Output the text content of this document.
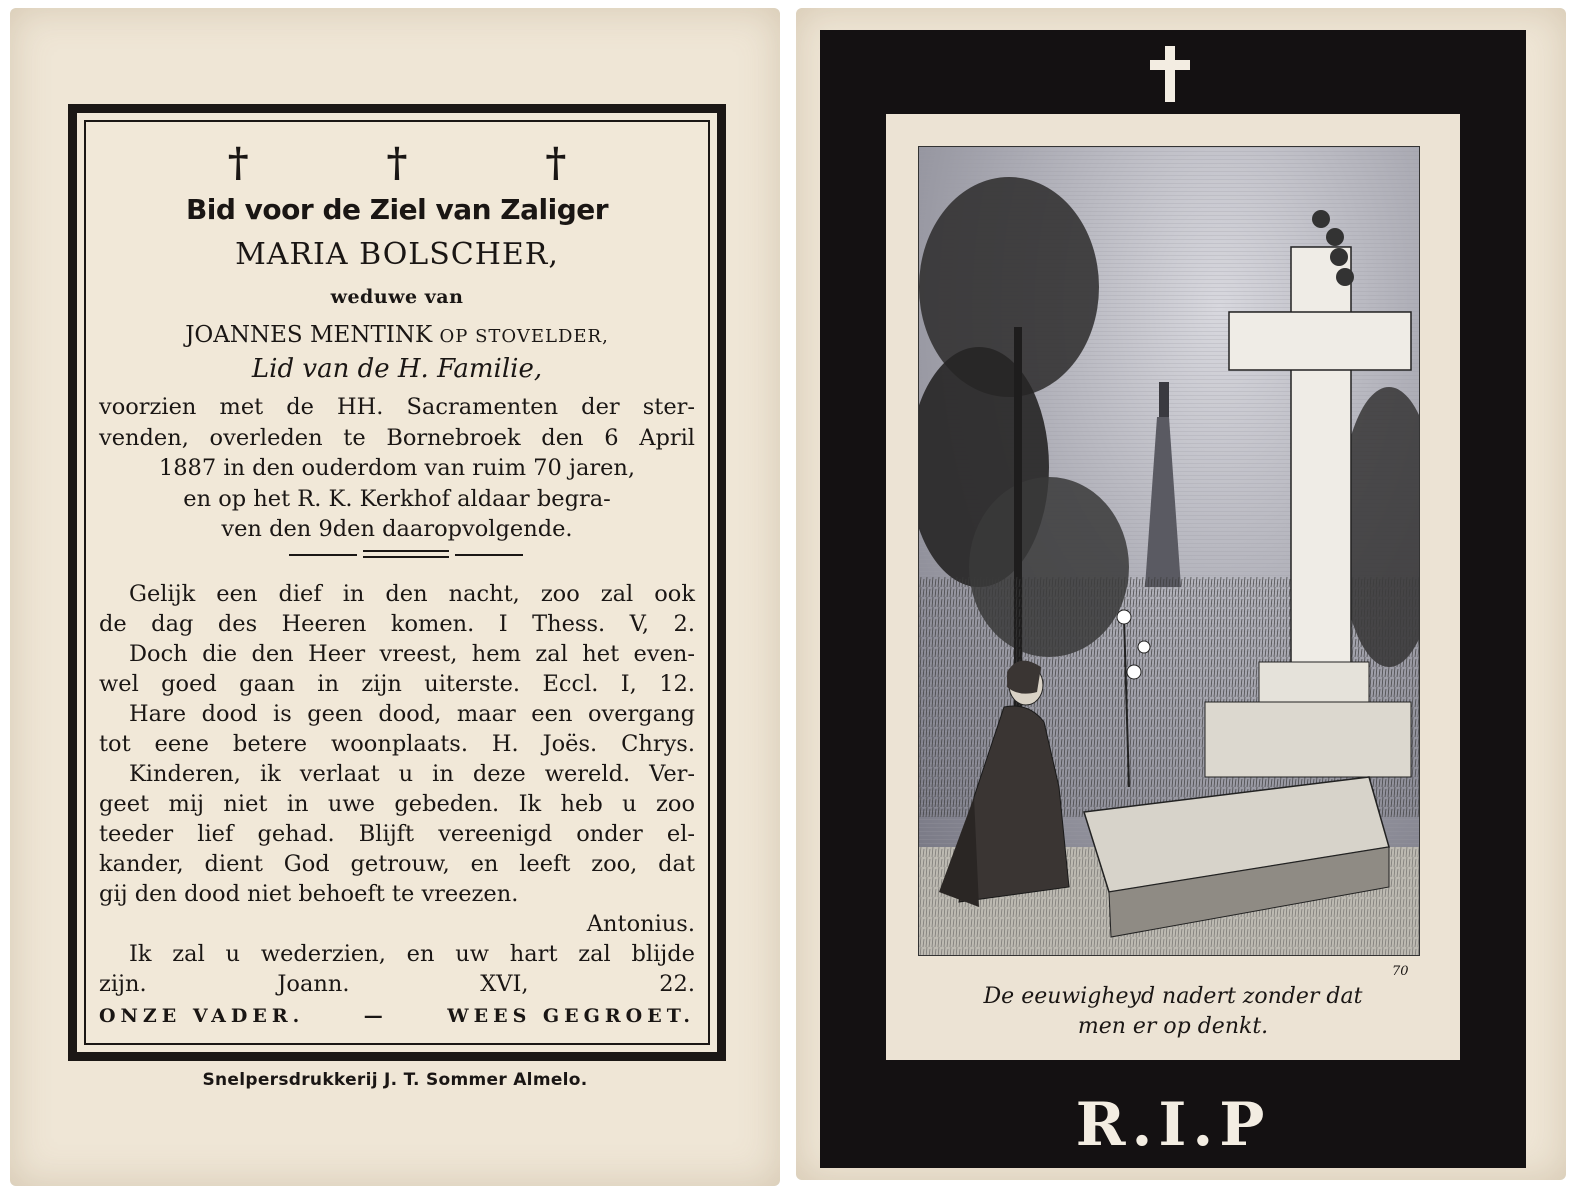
† † †
Bid voor de Ziel van Zaliger
MARIA BOLSCHER,
weduwe van
JOANNES MENTINK OP STOVELDER,
Lid van de H. Familie,
voorzien met de HH. Sacramenten der ster-
venden, overleden te Bornebroek den 6 April
1887 in den ouderdom van ruim 70 jaren,
en op het R. K. Kerkhof aldaar begra-
ven den 9den daaropvolgende.
Gelijk een dief in den nacht, zoo zal ook
de dag des Heeren komen. I Thess. V, 2.
Doch die den Heer vreest, hem zal het even-
wel goed gaan in zijn uiterste. Eccl. I, 12.
Hare dood is geen dood, maar een overgang
tot eene betere woonplaats. H. Joës. Chrys.
Kinderen, ik verlaat u in deze wereld. Ver-
geet mij niet in uwe gebeden. Ik heb u zoo
teeder lief gehad. Blijft vereenigd onder el-
kander, dient God getrouw, en leeft zoo, dat
gij den dood niet behoeft te vreezen.
Antonius.
Ik zal u wederzien, en uw hart zal blijde
zijn. Joann. XVI, 22.
ONZE VADER.	—	WEES GEGROET.
Snelpersdrukkerij J. T. Sommer Almelo.
70
De eeuwigheyd nadert zonder dat
men er op denkt.
R.I.P
